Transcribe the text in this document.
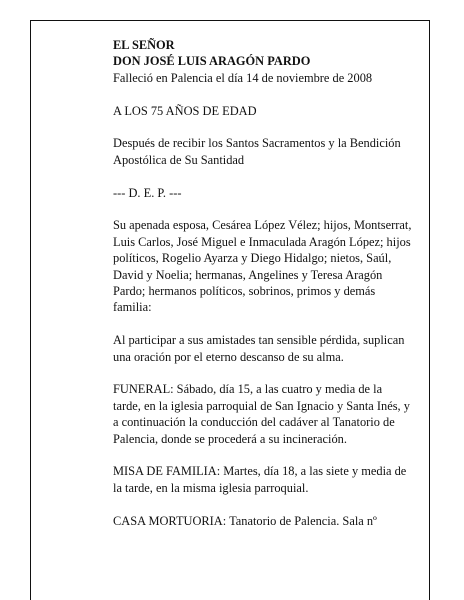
EL SEÑOR

DON JOSÉ LUIS ARAGÓN PARDO

Falleció en Palencia el día 14 de noviembre de 2008

A LOS 75 AÑOS DE EDAD

Después de recibir los Santos Sacramentos y la Bendición Apostólica de Su Santidad

--- D. E. P. ---

Su apenada esposa, Cesárea López Vélez; hijos, Montserrat, Luis Carlos, José Miguel e Inmaculada Aragón López; hijos políticos, Rogelio Ayarza y Diego Hidalgo; nietos, Saúl, David y Noelia; hermanas, Angelines y Teresa Aragón Pardo; hermanos políticos, sobrinos, primos y demás familia:

Al participar a sus amistades tan sensible pérdida, suplican una oración por el eterno descanso de su alma.

FUNERAL: Sábado, día 15, a las cuatro y media de la tarde, en la iglesia parroquial de San Ignacio y Santa Inés, y a continuación la conducción del cadáver al Tanatorio de Palencia, donde se procederá a su incineración.

MISA DE FAMILIA: Martes, día 18, a las siete y media de la tarde, en la misma iglesia parroquial.

CASA MORTUORIA: Tanatorio de Palencia. Sala nº
